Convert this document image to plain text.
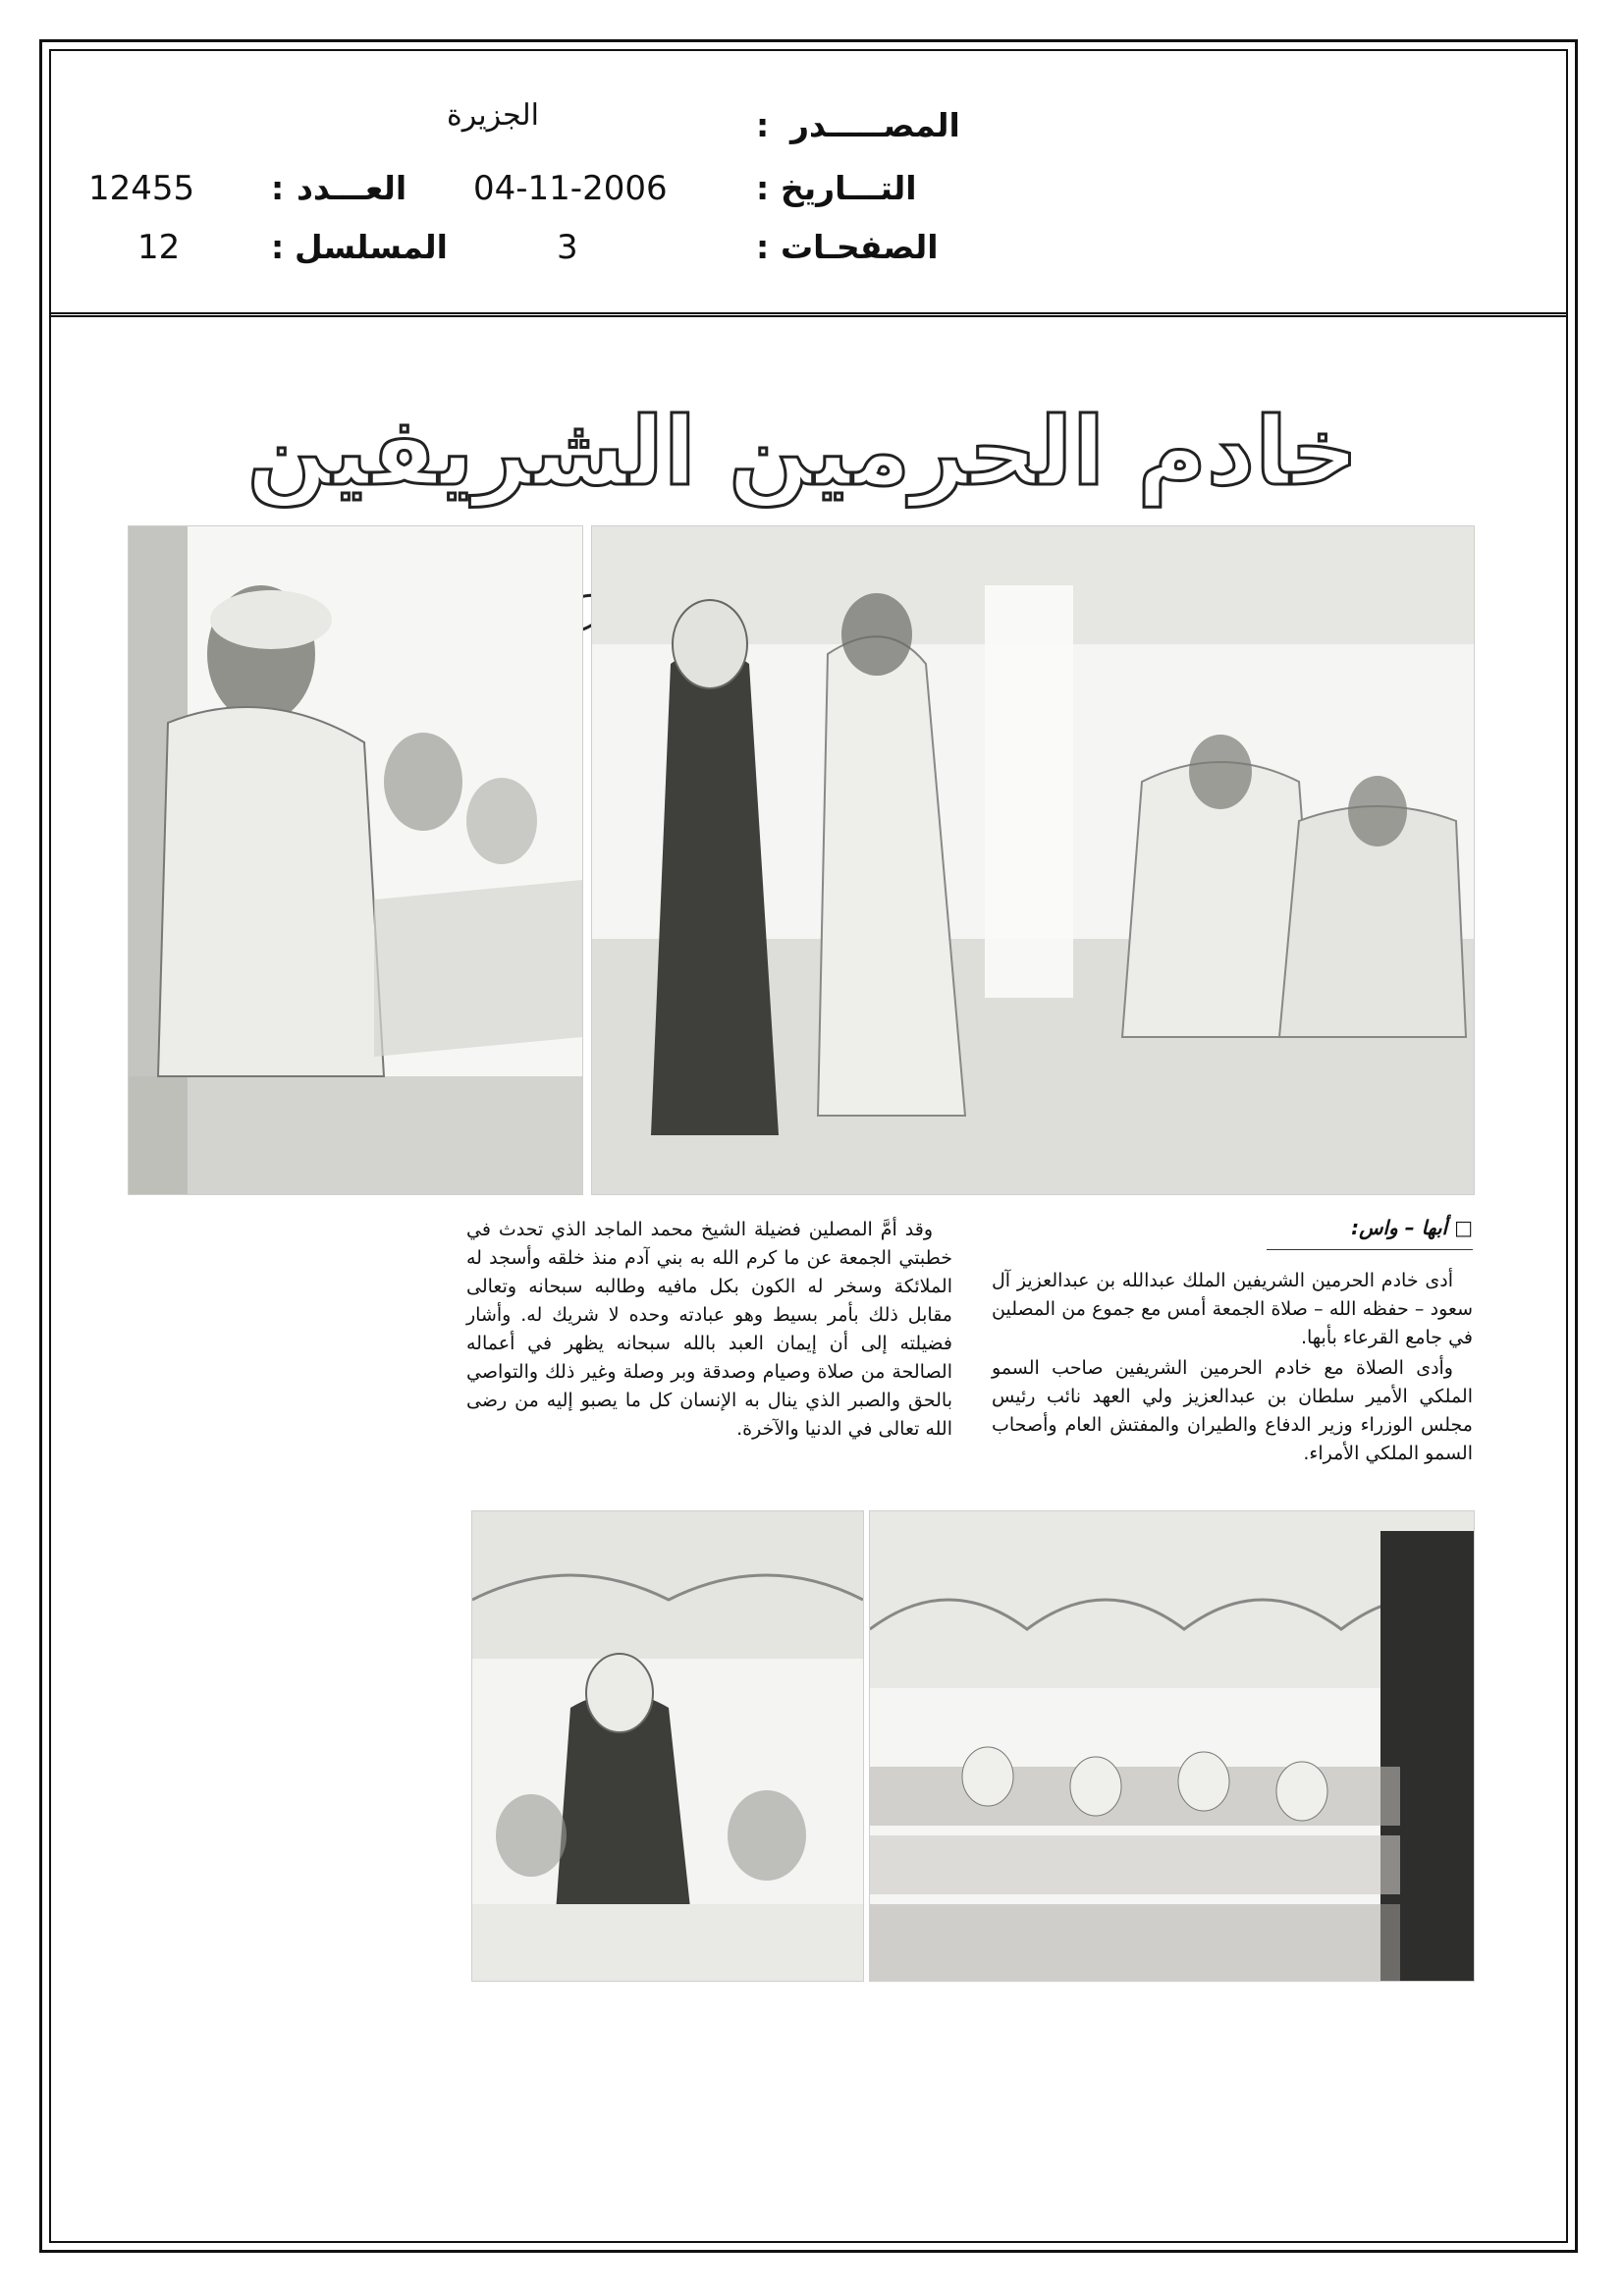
المصـــــدر
:
الجزيرة
التـــاريخ
:
04-11-2006
العـــدد
:
12455
الصفحـات
:
3
المسلسل
:
12
خادم الحرمين الشريفين
□ أبها – واس:

أدى خادم الحرمين الشريفين الملك عبدالله بن عبدالعزيز آل سعود – حفظه الله – صلاة الجمعة أمس مع جموع من المصلين في جامع القرعاء بأبها.

وأدى الصلاة مع خادم الحرمين الشريفين صاحب السمو الملكي الأمير سلطان بن عبدالعزيز ولي العهد نائب رئيس مجلس الوزراء وزير الدفاع والطيران والمفتش العام وأصحاب السمو الملكي الأمراء.

وقد أمَّ المصلين فضيلة الشيخ محمد الماجد الذي تحدث في خطبتي الجمعة عن ما كرم الله به بني آدم منذ خلقه وأسجد له الملائكة وسخر له الكون بكل مافيه وطالبه سبحانه وتعالى مقابل ذلك بأمر بسيط وهو عبادته وحده لا شريك له. وأشار فضيلته إلى أن إيمان العبد بالله سبحانه يظهر في أعماله الصالحة من صلاة وصيام وصدقة وبر وصلة وغير ذلك والتواصي بالحق والصبر الذي ينال به الإنسان كل ما يصبو إليه من رضى الله تعالى في الدنيا والآخرة.
